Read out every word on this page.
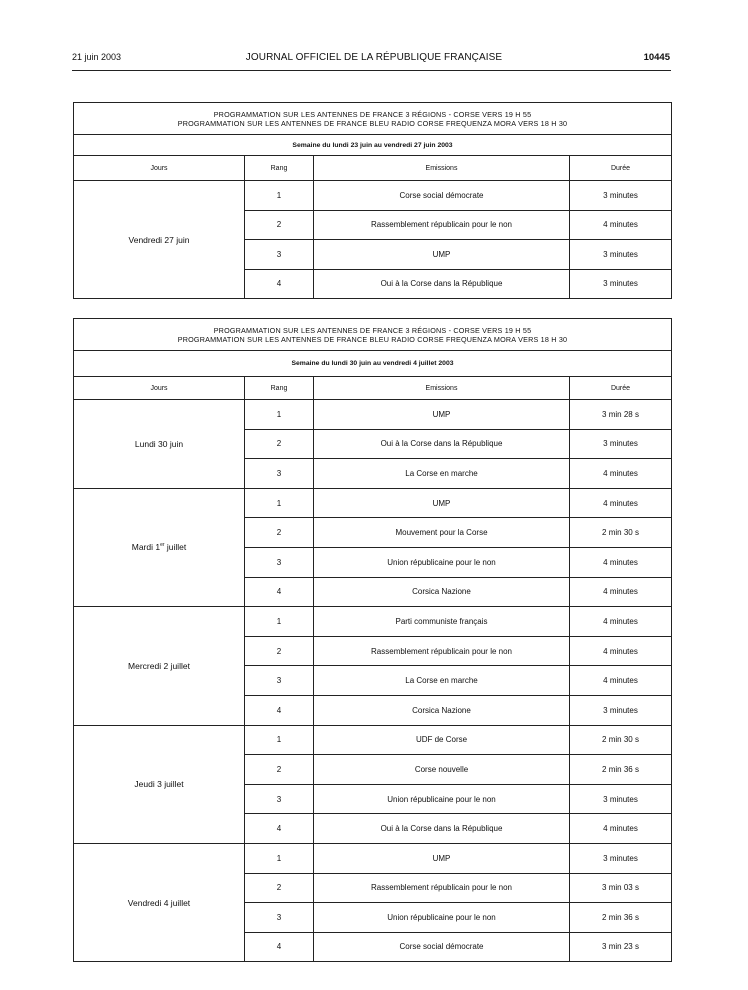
21 juin 2003	JOURNAL OFFICIEL DE LA RÉPUBLIQUE FRANÇAISE	10445
PROGRAMMATION SUR LES ANTENNES DE FRANCE 3 RÉGIONS - CORSE VERS 19 H 55
PROGRAMMATION SUR LES ANTENNES DE FRANCE BLEU RADIO CORSE FREQUENZA MORA VERS 18 H 30			

Semaine du lundi 23 juin au vendredi 27 juin 2003			
Jours	Rang	Emissions	Durée
Vendredi 27 juin	1	Corse social démocrate	3 minutes
	2	Rassemblement républicain pour le non	4 minutes
	3	UMP	3 minutes
	4	Oui à la Corse dans la République	3 minutes
PROGRAMMATION SUR LES ANTENNES DE FRANCE 3 RÉGIONS - CORSE VERS 19 H 55
PROGRAMMATION SUR LES ANTENNES DE FRANCE BLEU RADIO CORSE FREQUENZA MORA VERS 18 H 30			

Semaine du lundi 30 juin au vendredi 4 juillet 2003			
Jours	Rang	Emissions	Durée
Lundi 30 juin	1	UMP	3 min 28 s
	2	Oui à la Corse dans la République	3 minutes
	3	La Corse en marche	4 minutes
Mardi 1er juillet	1	UMP	4 minutes
	2	Mouvement pour la Corse	2 min 30 s
	3	Union républicaine pour le non	4 minutes
	4	Corsica Nazione	4 minutes
Mercredi 2 juillet	1	Parti communiste français	4 minutes
	2	Rassemblement républicain pour le non	4 minutes
	3	La Corse en marche	4 minutes
	4	Corsica Nazione	3 minutes
Jeudi 3 juillet	1	UDF de Corse	2 min 30 s
	2	Corse nouvelle	2 min 36 s
	3	Union républicaine pour le non	3 minutes
	4	Oui à la Corse dans la République	4 minutes
Vendredi 4 juillet	1	UMP	3 minutes
	2	Rassemblement républicain pour le non	3 min 03 s
	3	Union républicaine pour le non	2 min 36 s
	4	Corse social démocrate	3 min 23 s
